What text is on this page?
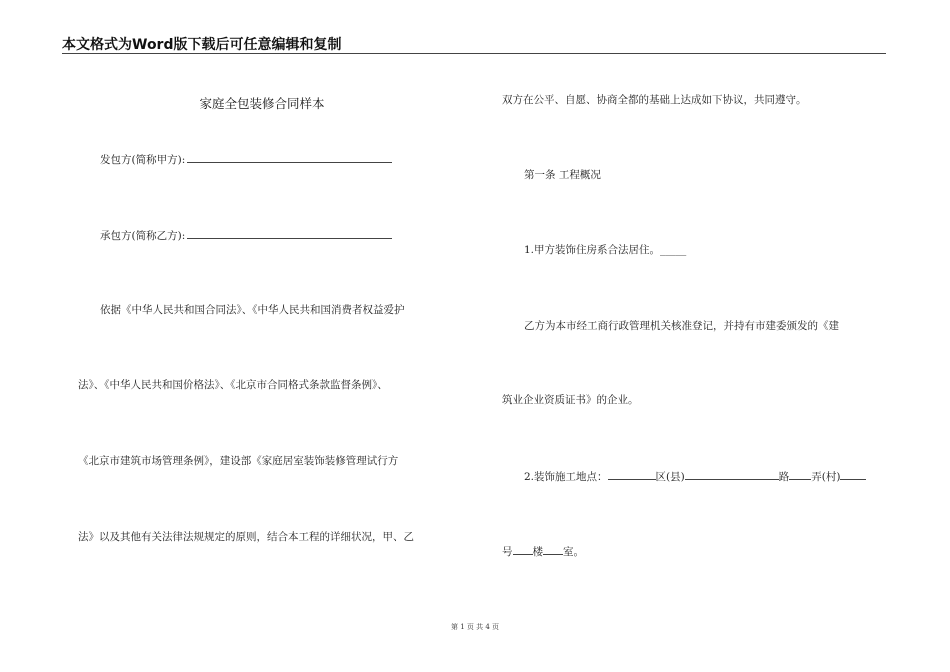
本文格式为Word版下载后可任意编辑和复制
家庭全包装修合同样本
发包方(简称甲方):
承包方(简称乙方):
依据《中华人民共和国合同法》、《中华人民共和国消费者权益爱护
法》、《中华人民共和国价格法》、《北京市合同格式条款监督条例》、
《北京市建筑市场管理条例》，建设部《家庭居室装饰装修管理试行方
法》以及其他有关法律法规规定的原则，结合本工程的详细状况，甲、乙
双方在公平、自愿、协商全都的基础上达成如下协议，共同遵守。
第一条 工程概况
1.甲方装饰住房系合法居住。_____
乙方为本市经工商行政管理机关核准登记，并持有市建委颁发的《建
筑业企业资质证书》的企业。
2.装饰施工地点：	区(县)	路 弄(村)
号 楼 室。
第 1 页 共 4 页
